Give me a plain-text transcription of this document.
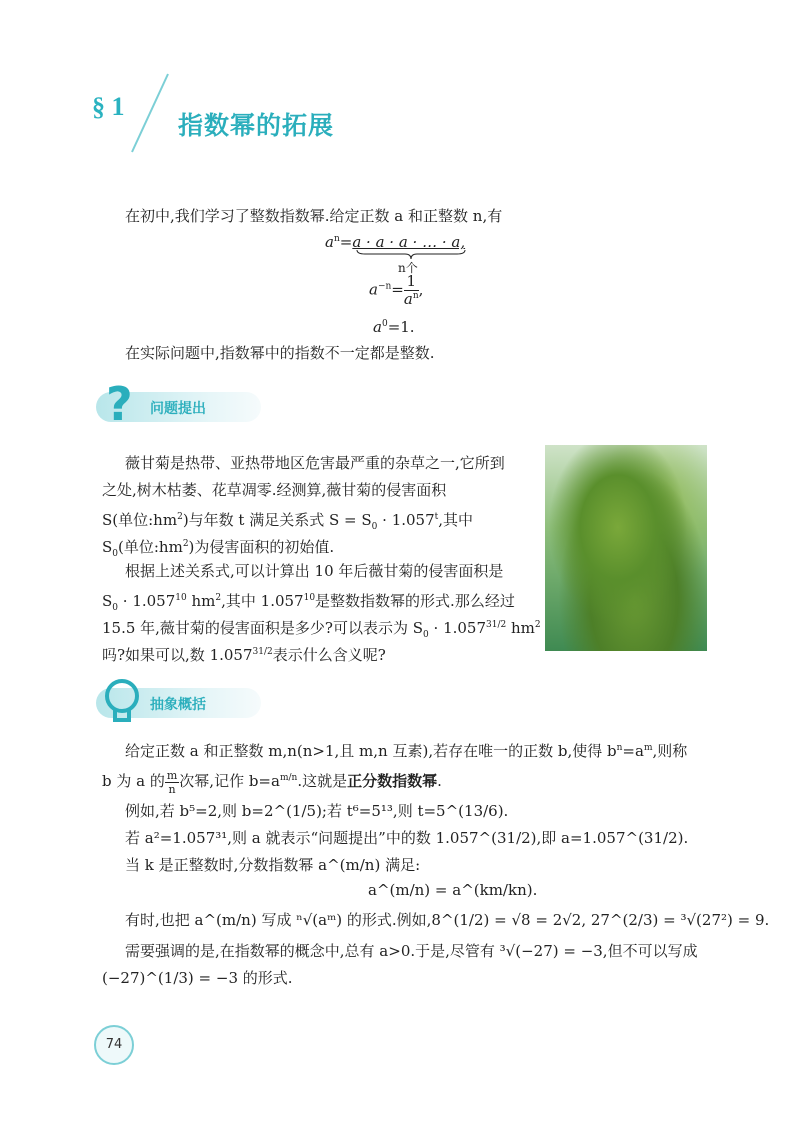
§ 1
指数幂的拓展
在初中,我们学习了整数指数幂.给定正数 a 和正整数 n,有
$a^n=a \cdot a \cdot a$ · … · a,
n个
$a^{-n}= \frac{1}{a^n}$ ,
$a^0=1$.
在实际问题中,指数幂中的指数不一定都是整数.
? 问题提出
薇甘菊是热带、亚热带地区危害最严重的杂草之一,它所到
之处,树木枯萎、花草凋零.经测算,薇甘菊的侵害面积
S(单位$:hm^2$)与年数 t 满足关系式 $S = S_0 \cdot 1.057^t$,其中
$S_0$(单位$:hm^2$)为侵害面积的初始值.
根据上述关系式,可以计算出 10 年后薇甘菊的侵害面积是
$S_0 \cdot 1.057^{10}$ $hm^2$,其中 1.057$^{10}$是整数指数幂的形式.那么经过
15.5 年,薇甘菊的侵害面积是多少?可以表示为 $S_0 \cdot 1.057^{31/2}$ $hm^2$
吗?如果可以,数 $1.057^{31/2}$表示什么含义呢?
抽象概括
给定正数 a 和正整数 m,n(n>1,且 m,n 互素),若存在唯一的正数 b,使得 $b^n=a^m$,则称
b 为 a 的 $\frac{m}{n}$ 次幂,记作 $b=a^{m/n}$.这就是正分数指数幂.
例如,若 b⁵=2,则 b=2^(1/5);若 t⁶=5¹³,则 t=5^(13/6).
若 a²=1.057³¹,则 a 就表示“问题提出”中的数 1.057^(31/2),即 a=1.057^(31/2).
当 k 是正整数时,分数指数幂 a^(m/n) 满足:
a^(m/n) = a^(km/kn).
有时,也把 a^(m/n) 写成 ⁿ√(aᵐ) 的形式.例如,8^(1/2) = √8 = 2√2, 27^(2/3) = ³√(27²) = 9.
需要强调的是,在指数幂的概念中,总有 a>0.于是,尽管有 ³√(−27) = −3,但不可以写成
(−27)^(1/3) = −3 的形式.
74
